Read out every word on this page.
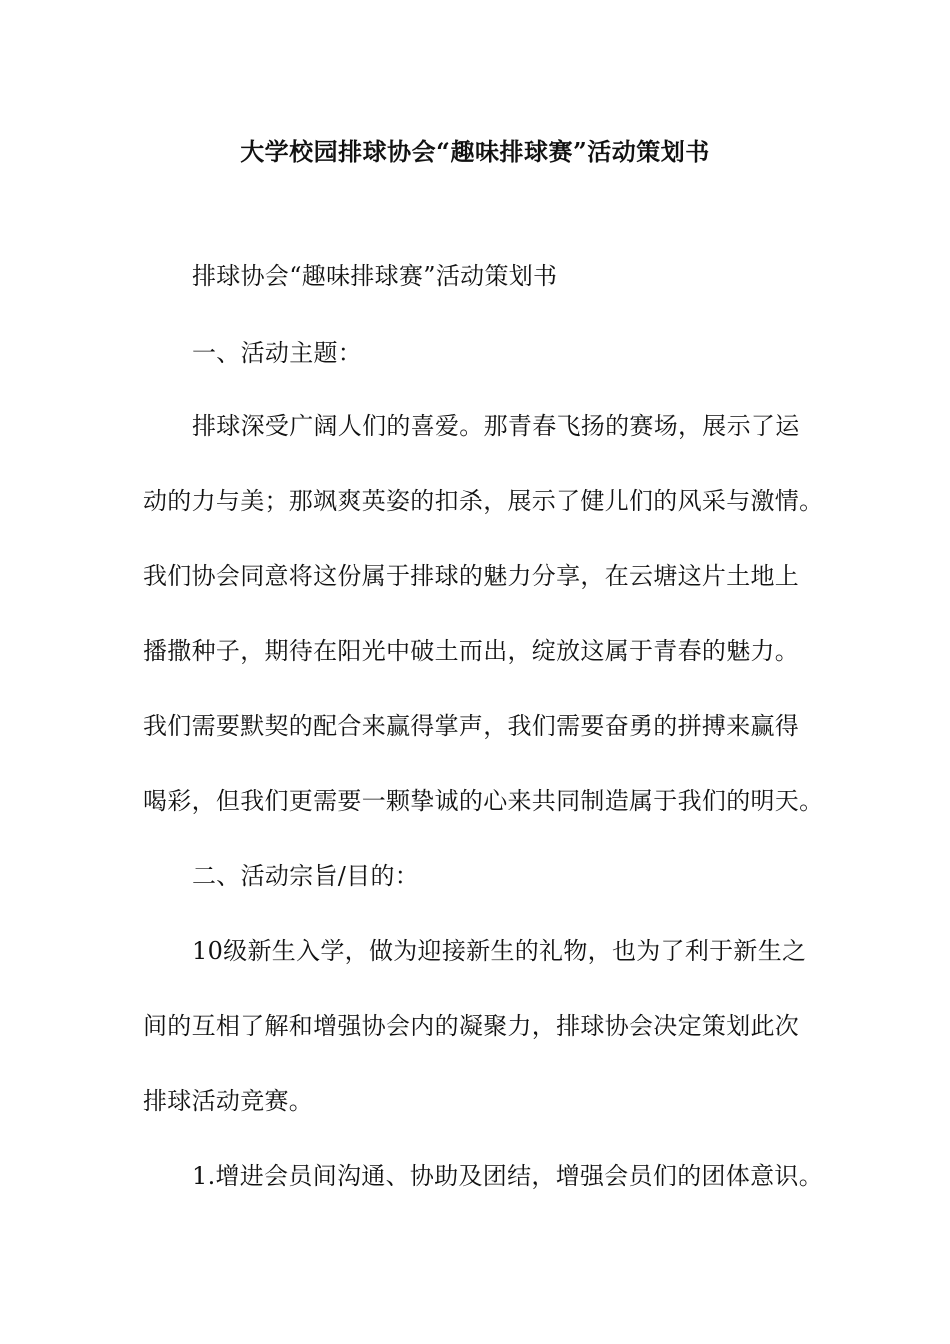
大学校园排球协会“趣味排球赛”活动策划书
排球协会“趣味排球赛”活动策划书
一、活动主题：
排球深受广阔人们的喜爱。那青春飞扬的赛场，展示了运
动的力与美；那飒爽英姿的扣杀，展示了健儿们的风采与激情。
我们协会同意将这份属于排球的魅力分享，在云塘这片土地上
播撒种子，期待在阳光中破土而出，绽放这属于青春的魅力。
我们需要默契的配合来赢得掌声，我们需要奋勇的拼搏来赢得
喝彩，但我们更需要一颗挚诚的心来共同制造属于我们的明天。
二、活动宗旨/目的：
10级新生入学，做为迎接新生的礼物，也为了利于新生之
间的互相了解和增强协会内的凝聚力，排球协会决定策划此次
排球活动竞赛。
1.增进会员间沟通、协助及团结，增强会员们的团体意识。
